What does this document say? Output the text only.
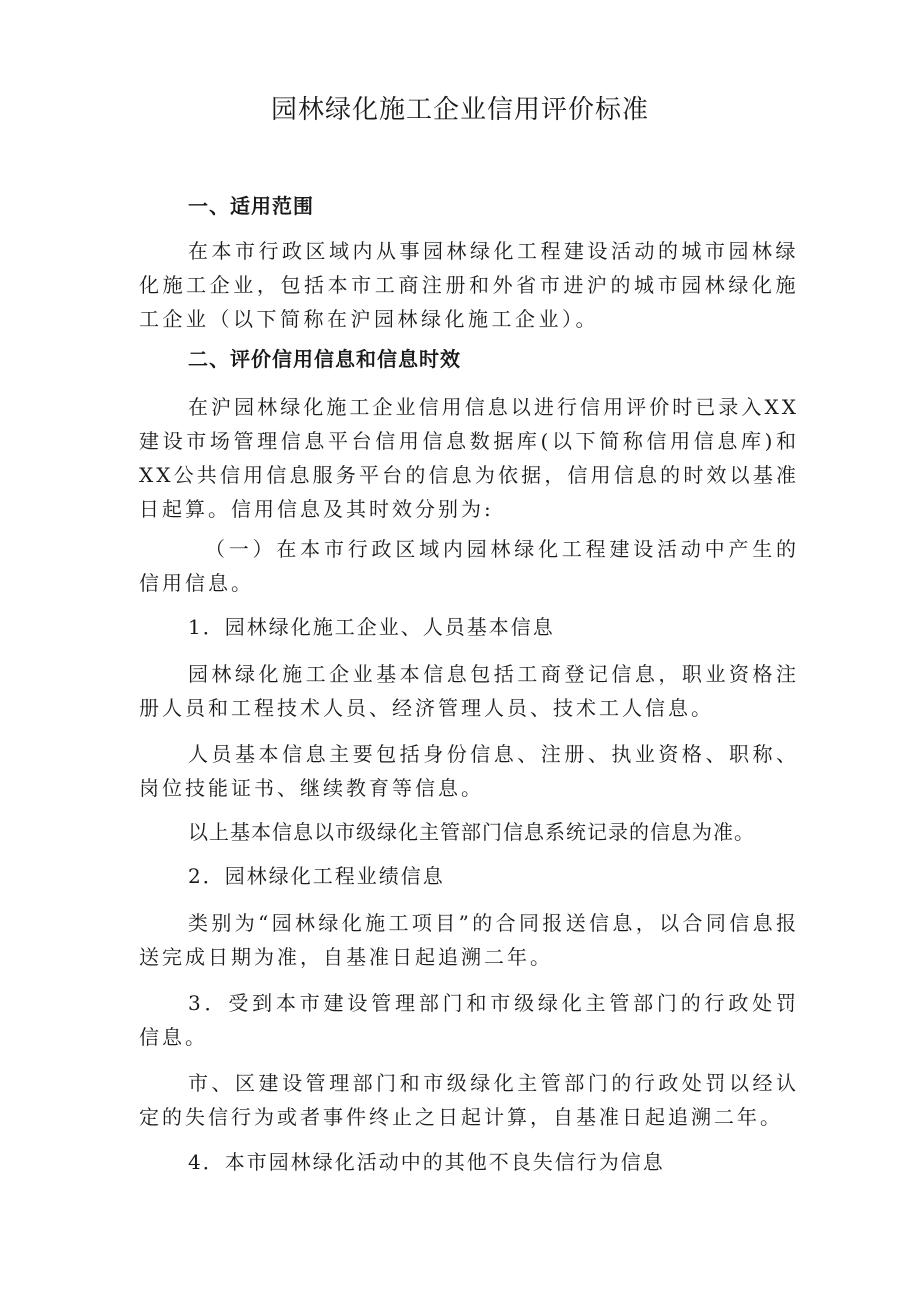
园林绿化施工企业信用评价标准
一、适用范围

在本市行政区域内从事园林绿化工程建设活动的城市园林绿化施工企业，包括本市工商注册和外省市进沪的城市园林绿化施工企业（以下简称在沪园林绿化施工企业）。

二、评价信用信息和信息时效

在沪园林绿化施工企业信用信息以进行信用评价时已录入XX建设市场管理信息平台信用信息数据库(以下简称信用信息库)和XX公共信用信息服务平台的信息为依据，信用信息的时效以基准日起算。信用信息及其时效分别为:

（一）在本市行政区域内园林绿化工程建设活动中产生的信用信息。

1．园林绿化施工企业、人员基本信息

园林绿化施工企业基本信息包括工商登记信息，职业资格注册人员和工程技术人员、经济管理人员、技术工人信息。

人员基本信息主要包括身份信息、注册、执业资格、职称、岗位技能证书、继续教育等信息。

以上基本信息以市级绿化主管部门信息系统记录的信息为准。

2．园林绿化工程业绩信息

类别为“园林绿化施工项目”的合同报送信息，以合同信息报送完成日期为准，自基准日起追溯二年。

3．受到本市建设管理部门和市级绿化主管部门的行政处罚信息。

市、区建设管理部门和市级绿化主管部门的行政处罚以经认定的失信行为或者事件终止之日起计算，自基准日起追溯二年。

4．本市园林绿化活动中的其他不良失信行为信息
